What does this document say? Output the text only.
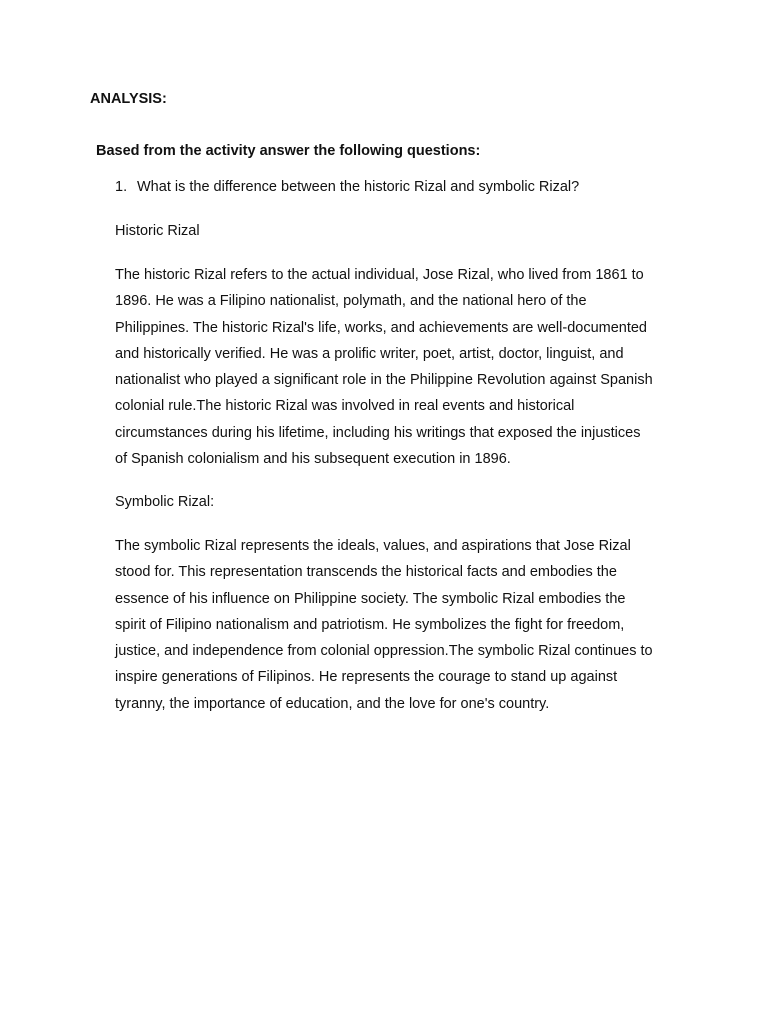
ANALYSIS:

Based from the activity answer the following questions:

1. What is the difference between the historic Rizal and symbolic Rizal?

Historic Rizal

The historic Rizal refers to the actual individual, Jose Rizal, who lived from 1861 to
1896. He was a Filipino nationalist, polymath, and the national hero of the
Philippines. The historic Rizal's life, works, and achievements are well-documented
and historically verified. He was a prolific writer, poet, artist, doctor, linguist, and
nationalist who played a significant role in the Philippine Revolution against Spanish
colonial rule.The historic Rizal was involved in real events and historical
circumstances during his lifetime, including his writings that exposed the injustices
of Spanish colonialism and his subsequent execution in 1896.

Symbolic Rizal:

The symbolic Rizal represents the ideals, values, and aspirations that Jose Rizal
stood for. This representation transcends the historical facts and embodies the
essence of his influence on Philippine society. The symbolic Rizal embodies the
spirit of Filipino nationalism and patriotism. He symbolizes the fight for freedom,
justice, and independence from colonial oppression.The symbolic Rizal continues to
inspire generations of Filipinos. He represents the courage to stand up against
tyranny, the importance of education, and the love for one's country.
